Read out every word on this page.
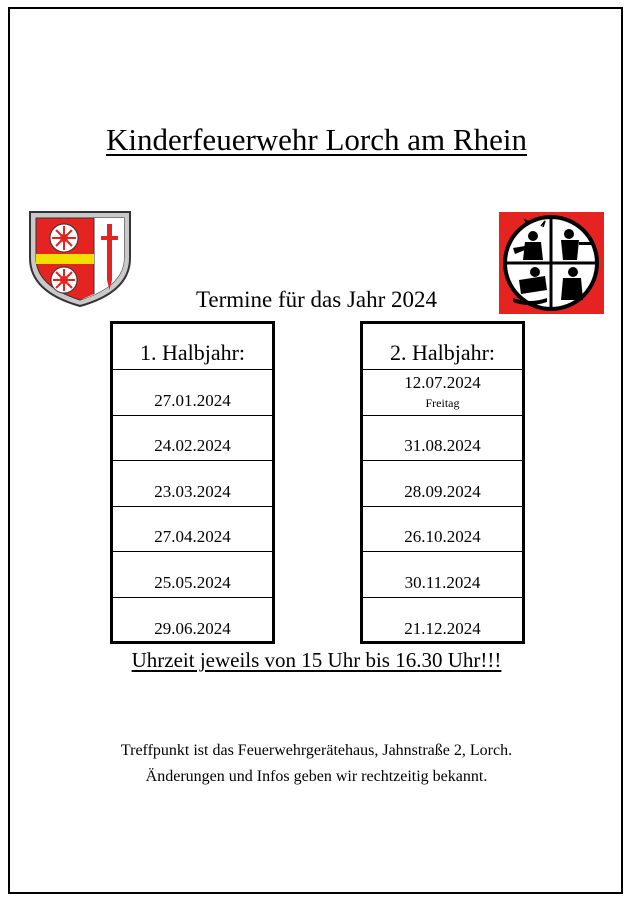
Kinderfeuerwehr Lorch am Rhein
Termine für das Jahr 2024
1. Halbjahr:
27.01.2024
24.02.2024
23.03.2024
27.04.2024
25.05.2024
29.06.2024
2. Halbjahr:
12.07.2024
Freitag
31.08.2024
28.09.2024
26.10.2024
30.11.2024
21.12.2024
Uhrzeit jeweils von 15 Uhr bis 16.30 Uhr!!!
Treffpunkt ist das Feuerwehrgerätehaus, Jahnstraße 2, Lorch.
Änderungen und Infos geben wir rechtzeitig bekannt.
